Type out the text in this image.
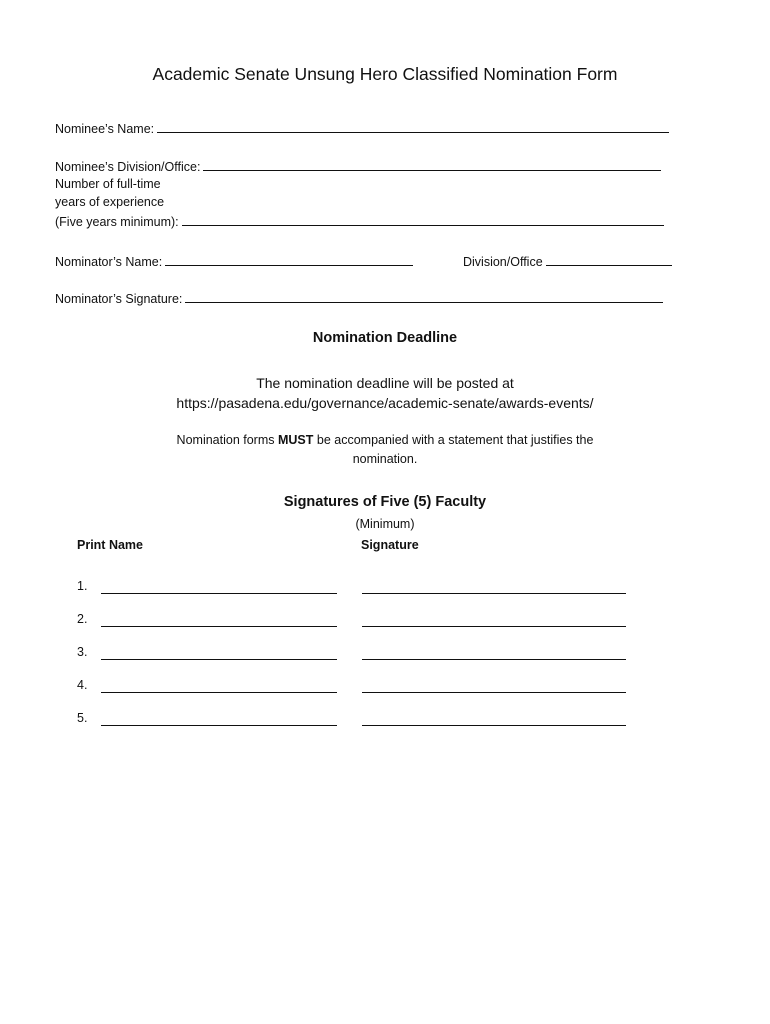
Academic Senate Unsung Hero Classified Nomination Form
Nominee’s Name:
Nominee’s Division/Office:
Number of full-time
years of experience
(Five years minimum):
Nominator’s Name:	Division/Office
Nominator’s Signature:
Nomination Deadline
The nomination deadline will be posted at
https://pasadena.edu/governance/academic-senate/awards-events/
Nomination forms MUST be accompanied with a statement that justifies the
nomination.
Signatures of Five (5) Faculty
(Minimum)
Print Name	Signature
1.
2.
3.
4.
5.
